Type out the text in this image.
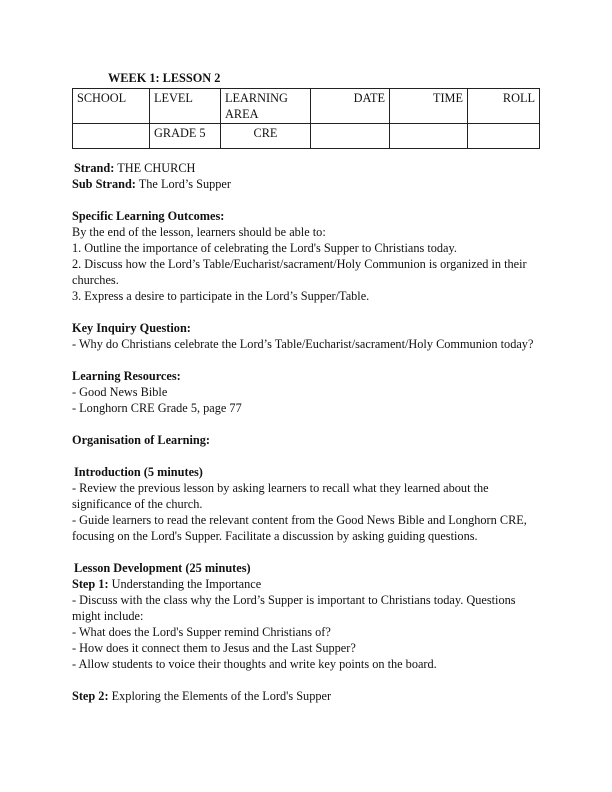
WEEK 1: LESSON 2
SCHOOL	LEVEL	LEARNING AREA	DATE	TIME	ROLL
	GRADE 5	CRE			

Strand: THE CHURCH

Sub Strand: The Lord’s Supper

Specific Learning Outcomes:

By the end of the lesson, learners should be able to:

1. Outline the importance of celebrating the Lord's Supper to Christians today.

2. Discuss how the Lord’s Table/Eucharist/sacrament/Holy Communion is organized in their churches.

3. Express a desire to participate in the Lord’s Supper/Table.

Key Inquiry Question:

- Why do Christians celebrate the Lord’s Table/Eucharist/sacrament/Holy Communion today?

Learning Resources:

- Good News Bible

- Longhorn CRE Grade 5, page 77

Organisation of Learning:

Introduction (5 minutes)

- Review the previous lesson by asking learners to recall what they learned about the significance of the church.

- Guide learners to read the relevant content from the Good News Bible and Longhorn CRE, focusing on the Lord's Supper. Facilitate a discussion by asking guiding questions.

Lesson Development (25 minutes)

Step 1: Understanding the Importance

- Discuss with the class why the Lord’s Supper is important to Christians today. Questions might include:

- What does the Lord's Supper remind Christians of?

- How does it connect them to Jesus and the Last Supper?

- Allow students to voice their thoughts and write key points on the board.

Step 2: Exploring the Elements of the Lord's Supper
